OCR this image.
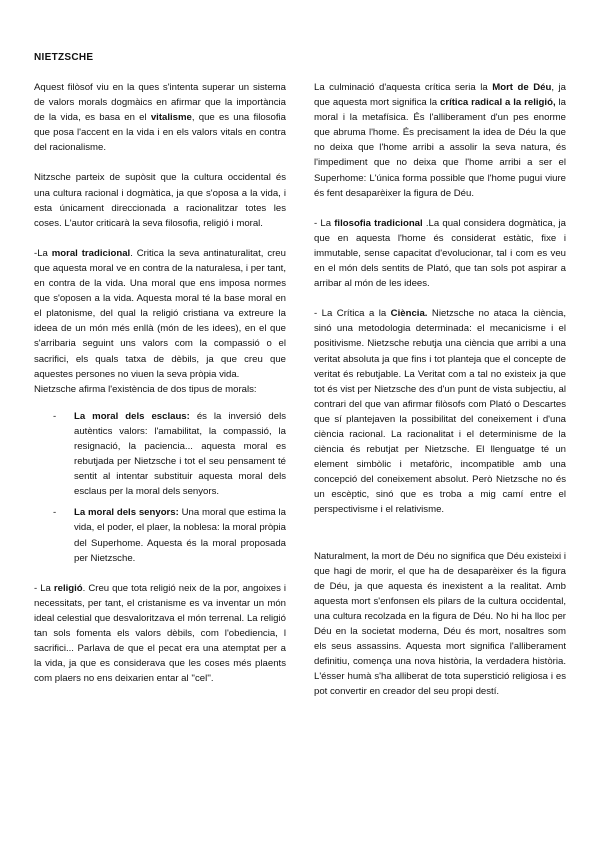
NIETZSCHE

Aquest filòsof viu en la ques s'intenta superar un sistema de valors morals dogmàics en afirmar que la importància de la vida, es basa en el vitalisme, que es una filosofia que posa l'accent en la vida i en els valors vitals en contra del racionalisme.

Nitzsche parteix de supòsit que la cultura occidental és una cultura racional i dogmàtica, ja que s'oposa a la vida, i esta únicament direccionada a racionalitzar totes les coses. L'autor criticarà la seva filosofia, religió i moral.

-La moral tradicional. Critica la seva antinaturalitat, creu que aquesta moral ve en contra de la naturalesa, i per tant, en contra de la vida. Una moral que ens imposa normes que s'oposen a la vida. Aquesta moral té la base moral en el platonisme, del qual la religió cristiana va extreure la ideea de un món més enllà (món de les idees), en el que s'arribaria seguint uns valors com la compassió o el sacrifici, els quals tatxa de dèbils, ja que creu que aquestes persones no viuen la seva pròpia vida.

Nietzsche afirma l'existència de dos tipus de morals:

- La moral dels esclaus: és la inversió dels autèntics valors: l'amabilitat, la compassió, la resignació, la paciencia... aquesta moral es rebutjada per Nietzsche i tot el seu pensament té sentit al intentar substituir aquesta moral dels esclaus per la moral dels senyors.
- La moral dels senyors: Una moral que estima la vida, el poder, el plaer, la noblesa: la moral pròpia del Superhome. Aquesta és la moral proposada per Nietzsche.

- La religió. Creu que tota religió neix de la por, angoixes i necessitats, per tant, el cristanisme es va inventar un món ideal celestial que desvaloritzava el món terrenal. La religió tan sols fomenta els valors dèbils, com l'obediencia, l sacrifici... Parlava de que el pecat era una atemptat per a la vida, ja que es considerava que les coses més plaents com plaers no ens deixarien entar al ''cel''.

La culminació d'aquesta crítica seria la Mort de Déu, ja que aquesta mort significa la crítica radical a la religió, la moral i la metafísica. És l'alliberament d'un pes enorme que abruma l'home. És precisament la idea de Déu la que no deixa que l'home arribi a assolir la seva natura, és l'impediment que no deixa que l'home arribi a ser el Superhome: L'única forma possible que l'home pugui viure és fent desaparèixer la figura de Déu.

- La filosofia tradicional .La qual considera dogmàtica, ja que en aquesta l'home és considerat estàtic, fixe i immutable, sense capacitat d'evolucionar, tal i com es veu en el món dels sentits de Plató, que tan sols pot aspirar a arribar al món de les idees.

- La Crítica a la Ciència. Nietzsche no ataca la ciència, sinó una metodologia determinada: el mecanicisme i el positivisme. Nietzsche rebutja una ciència que arribi a una veritat absoluta ja que fins i tot planteja que el concepte de veritat és rebutjable. La Veritat com a tal no existeix ja que tot és vist per Nietzsche des d'un punt de vista subjectiu, al contrari del que van afirmar filòsofs com Plató o Descartes que sí plantejaven la possibilitat del coneixement i d'una ciència racional. La racionalitat i el determinisme de la ciència és rebutjat per Nietzsche. El llenguatge té un element simbòlic i metafòric, incompatible amb una concepció del coneixement absolut. Però Nietzsche no és un escèptic, sinó que es troba a mig camí entre el perspectivisme i el relativisme.

Naturalment, la mort de Déu no significa que Déu existeixi i que hagi de morir, el que ha de desaparèixer és la figura de Déu, ja que aquesta és inexistent a la realitat. Amb aquesta mort s'enfonsen els pilars de la cultura occidental, una cultura recolzada en la figura de Déu. No hi ha lloc per Déu en la societat moderna, Déu és mort, nosaltres som els seus assassins. Aquesta mort significa l'alliberament definitiu, comença una nova història, la verdadera història. L'ésser humà s'ha alliberat de tota superstició religiosa i es pot convertir en creador del seu propi destí.
